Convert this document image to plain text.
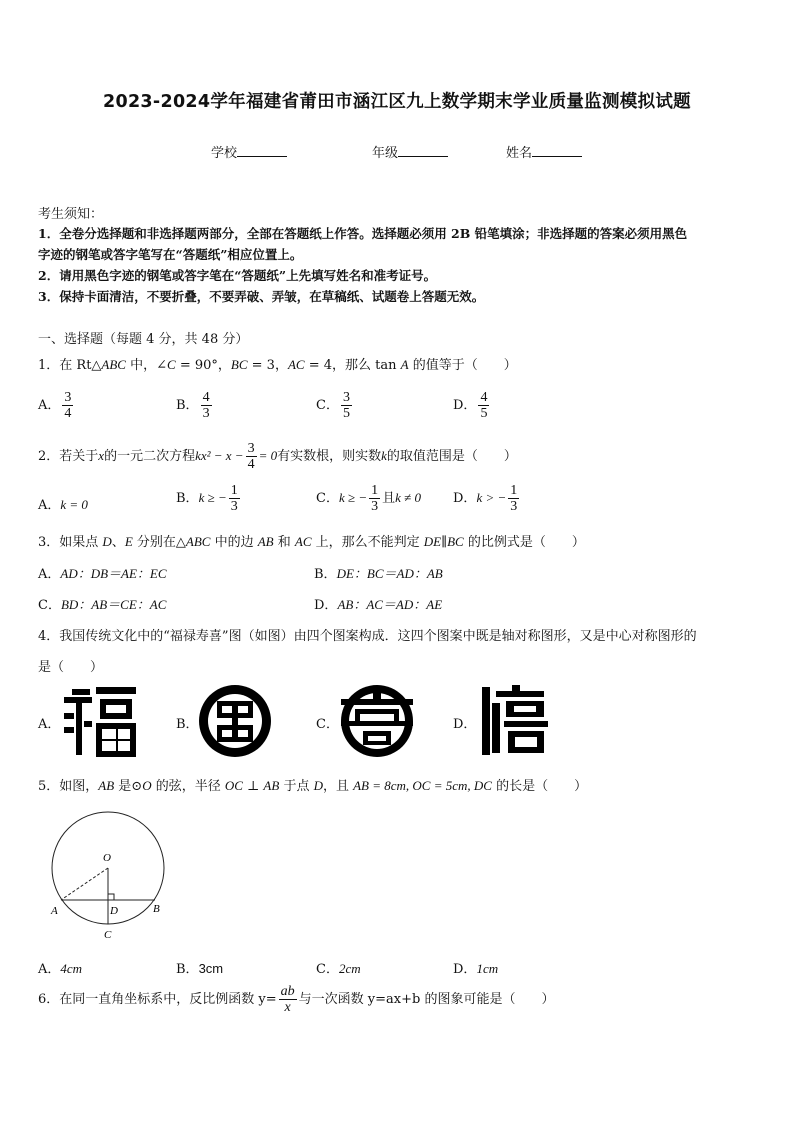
2023-2024学年福建省莆田市涵江区九上数学期末学业质量监测模拟试题
学校	年级	姓名
考生须知：
1．全卷分选择题和非选择题两部分，全部在答题纸上作答。选择题必须用 2B 铅笔填涂；非选择题的答案必须用黑色
字迹的钢笔或答字笔写在“答题纸”相应位置上。
2．请用黑色字迹的钢笔或答字笔在“答题纸”上先填写姓名和准考证号。
3．保持卡面清洁，不要折叠，不要弄破、弄皱，在草稿纸、试题卷上答题无效。
一、选择题（每题 4 分，共 48 分）
1．在 Rt△ABC 中，∠C = 90°，BC = 3，AC = 4，那么 tan A 的值等于（　　）
A． $\frac{3}{4}$	B． $\frac{4}{3}$	C． $\frac{3}{5}$	D． $\frac{4}{5}$
2．若关于x的一元二次方程$kx^2 - x - \frac{3}{4} = 0$有实数根，则实数k的取值范围是（　　）
A．k = 0	B．k ≥ − $\frac{1}{3}$	C．k ≥ − $\frac{1}{3}$ 且k ≠ 0 D．k > − $\frac{1}{3}$
3．如果点 D、E 分别在△ABC 中的边 AB 和 AC 上，那么不能判定 DE∥BC 的比例式是（　　）
A．AD：DB＝AE：EC	B．DE：BC＝AD：AB
C．BD：AB＝CE：AC	D．AB：AC＝AD：AE
4．我国传统文化中的“福禄寿喜”图（如图）由四个图案构成．这四个图案中既是轴对称图形，又是中心对称图形的
是（　　）
A．	B．	C．	D．
5．如图，AB 是⊙O 的弦，半径 OC ⊥ AB 于点 D，且 AB = 8cm, OC = 5cm, DC 的长是（　　）
O
A	B
D
C
A．4cm	B．3cm	C．2cm	D．1cm
6．在同一直角坐标系中，反比例函数 $y= \frac{ab}{x}$ 与一次函数 y=ax+b 的图象可能是（　　）
